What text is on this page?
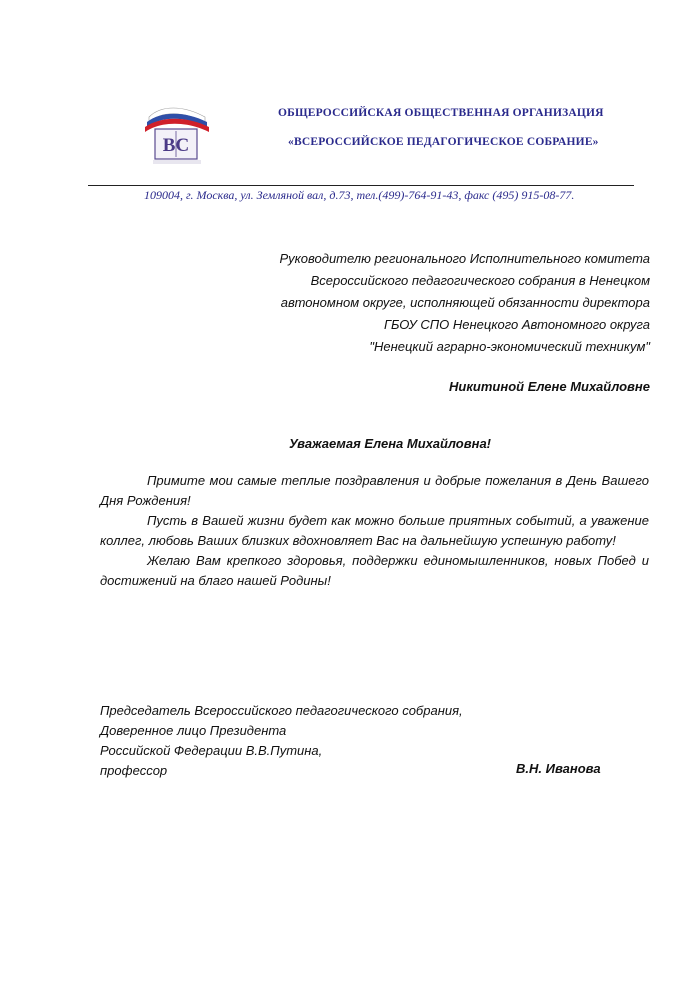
ВС
ОБЩЕРОССИЙСКАЯ ОБЩЕСТВЕННАЯ ОРГАНИЗАЦИЯ
«ВСЕРОССИЙСКОЕ ПЕДАГОГИЧЕСКОЕ СОБРАНИЕ»
109004, г. Москва, ул. Земляной вал, д.73, тел.(499)-764-91-43, факс (495) 915-08-77.
Руководителю регионального Исполнительного комитета
Всероссийского педагогического собрания в Ненецком
автономном округе, исполняющей обязанности директора
ГБОУ СПО Ненецкого Автономного округа
"Ненецкий аграрно-экономический техникум"
Никитиной Елене Михайловне
Уважаемая Елена Михайловна!

Примите мои самые теплые поздравления и добрые пожелания в День Вашего Дня Рождения!

Пусть в Вашей жизни будет как можно больше приятных событий, а уважение коллег, любовь Ваших близких вдохновляет Вас на дальнейшую успешную работу!

Желаю Вам крепкого здоровья, поддержки единомышленников, новых Побед и достижений на благо нашей Родины!

Председатель Всероссийского педагогического собрания,
Доверенное лицо Президента
Российской Федерации В.В.Путина,
профессор	В.Н. Иванова
